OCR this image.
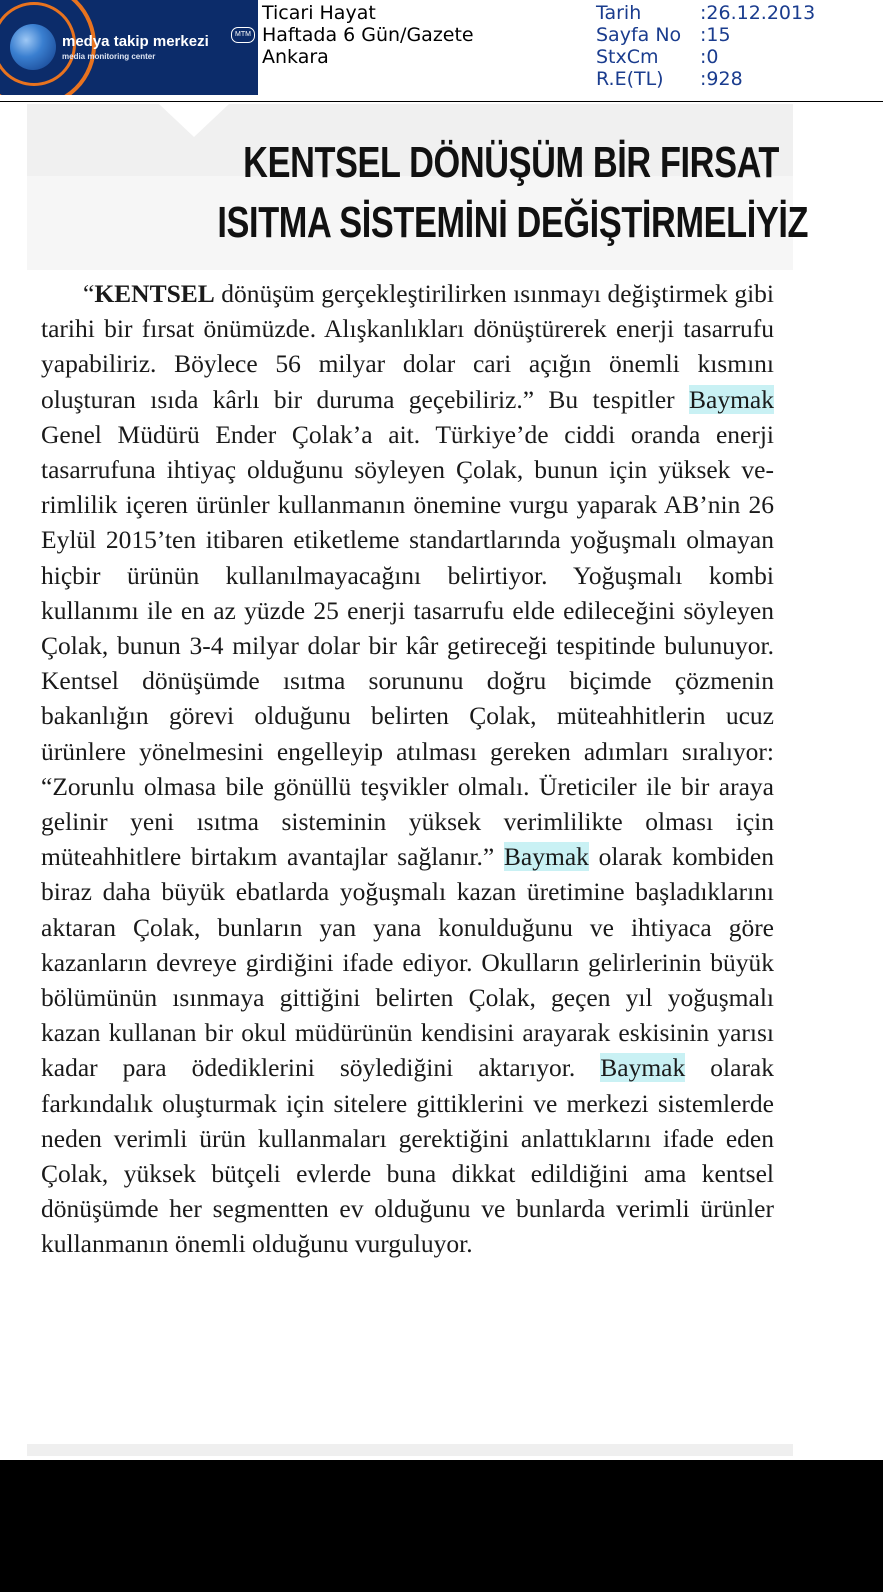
medya takip merkezi
media monitoring center
MTM
Ticari Hayat
Haftada 6 Gün/Gazete
Ankara
Tarih	:26.12.2013
Sayfa No :15
StxCm	:0
R.E(TL)	:928
KENTSEL DÖNÜŞÜM BİR FIRSAT
ISITMA SİSTEMİNİ DEĞİŞTİRMELİYİZ

“KENTSEL dönüşüm gerçekleştirilirken ısınmayı değiştirmek gibi tarihi bir fırsat önümüzde. Alışkanlıkları dönüştürerek enerji tasarrufu yapabiliriz. Böylece 56 milyar dolar cari açığın önemli kısmını oluşturan ısıda kârlı bir duruma geçebiliriz.” Bu tespitler Baymak Genel Müdürü Ender Çolak’a ait. Türkiye’de ciddi oranda enerji tasarrufuna ihtiyaç olduğunu söyleyen Çolak, bunun için yüksek verimlilik içeren ürünler kullanmanın önemine vurgu yaparak AB’nin 26 Eylül 2015’ten itibaren etiketleme standartlarında yoğuşmalı olmayan hiçbir ürünün kullanılmayacağını belirtiyor. Yoğuşmalı kombi kullanımı ile en az yüzde 25 enerji tasarrufu elde edileceğini söyleyen Çolak, bunun 3-4 milyar dolar bir kâr getireceği tespitinde bulunuyor. Kentsel dönüşümde ısıtma sorununu doğru biçimde çözmenin bakanlığın görevi olduğunu belirten Çolak, müteahhitlerin ucuz ürünlere yönelmesini engelleyip atılması gereken adımları sıralıyor: “Zorunlu olmasa bile gönüllü teşvikler olmalı. Üreticiler ile bir araya gelinir yeni ısıtma sisteminin yüksek verimlilikte olması için müteahhitlere birtakım avantajlar sağlanır.” Baymak olarak kombiden biraz daha büyük ebatlarda yoğuşmalı kazan üretimine başladıklarını aktaran Çolak, bunların yan yana konulduğunu ve ihtiyaca göre kazanların devreye girdiğini ifade ediyor. Okulların gelirlerinin büyük bölümünün ısınmaya gittiğini belirten Çolak, geçen yıl yoğuşmalı kazan kullanan bir okul müdürünün kendisini arayarak eskisinin yarısı kadar para ödediklerini söylediğini aktarıyor. Baymak olarak farkındalık oluşturmak için sitelere gittiklerini ve merkezi sistemlerde neden verimli ürün kullanmaları gerektiğini anlattıklarını ifade eden Çolak, yüksek bütçeli evlerde buna dikkat edildiğini ama kentsel dönüşümde her segmentten ev olduğunu ve bunlarda verimli ürünler kullanmanın önemli olduğunu vurguluyor.
